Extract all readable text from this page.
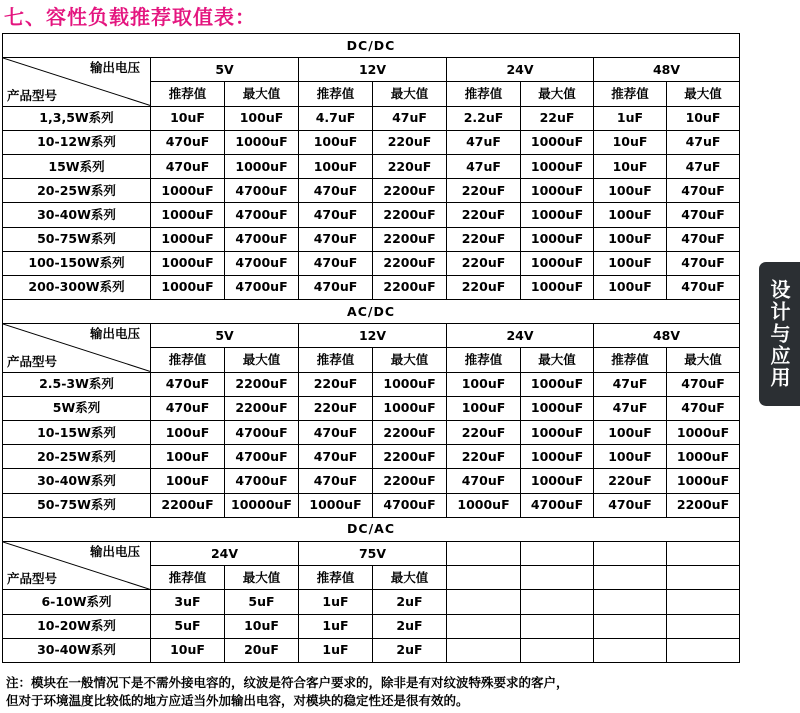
七、容性负载推荐取值表：
DC/DC								

输出电压
产品型号	5V		12V		24V		48V	
	推荐值	最大值	推荐值	最大值	推荐值	最大值	推荐值	最大值
1,3,5W系列	10uF	100uF	4.7uF	47uF	2.2uF	22uF	1uF	10uF
10-12W系列	470uF	1000uF	100uF	220uF	47uF	1000uF	10uF	47uF
15W系列	470uF	1000uF	100uF	220uF	47uF	1000uF	10uF	47uF
20-25W系列	1000uF	4700uF	470uF	2200uF	220uF	1000uF	100uF	470uF
30-40W系列	1000uF	4700uF	470uF	2200uF	220uF	1000uF	100uF	470uF
50-75W系列	1000uF	4700uF	470uF	2200uF	220uF	1000uF	100uF	470uF
100-150W系列	1000uF	4700uF	470uF	2200uF	220uF	1000uF	100uF	470uF
200-300W系列	1000uF	4700uF	470uF	2200uF	220uF	1000uF	100uF	470uF
AC/DC								

输出电压
产品型号	5V		12V		24V		48V	
	推荐值	最大值	推荐值	最大值	推荐值	最大值	推荐值	最大值
2.5-3W系列	470uF	2200uF	220uF	1000uF	100uF	1000uF	47uF	470uF
5W系列	470uF	2200uF	220uF	1000uF	100uF	1000uF	47uF	470uF
10-15W系列	100uF	4700uF	470uF	2200uF	220uF	1000uF	100uF	1000uF
20-25W系列	100uF	4700uF	470uF	2200uF	220uF	1000uF	100uF	1000uF
30-40W系列	100uF	4700uF	470uF	2200uF	470uF	1000uF	220uF	1000uF
50-75W系列	2200uF	10000uF	1000uF	4700uF	1000uF	4700uF	470uF	2200uF
DC/AC								

输出电压
产品型号	24V		75V					
	推荐值	最大值	推荐值	最大值				
6-10W系列	3uF	5uF	1uF	2uF				
10-20W系列	5uF	10uF	1uF	2uF				
30-40W系列	10uF	20uF	1uF	2uF				
设计与应用

注：模块在一般情况下是不需外接电容的，纹波是符合客户要求的，除非是有对纹波特殊要求的客户，

但对于环境温度比较低的地方应适当外加输出电容，对模块的稳定性还是很有效的。
